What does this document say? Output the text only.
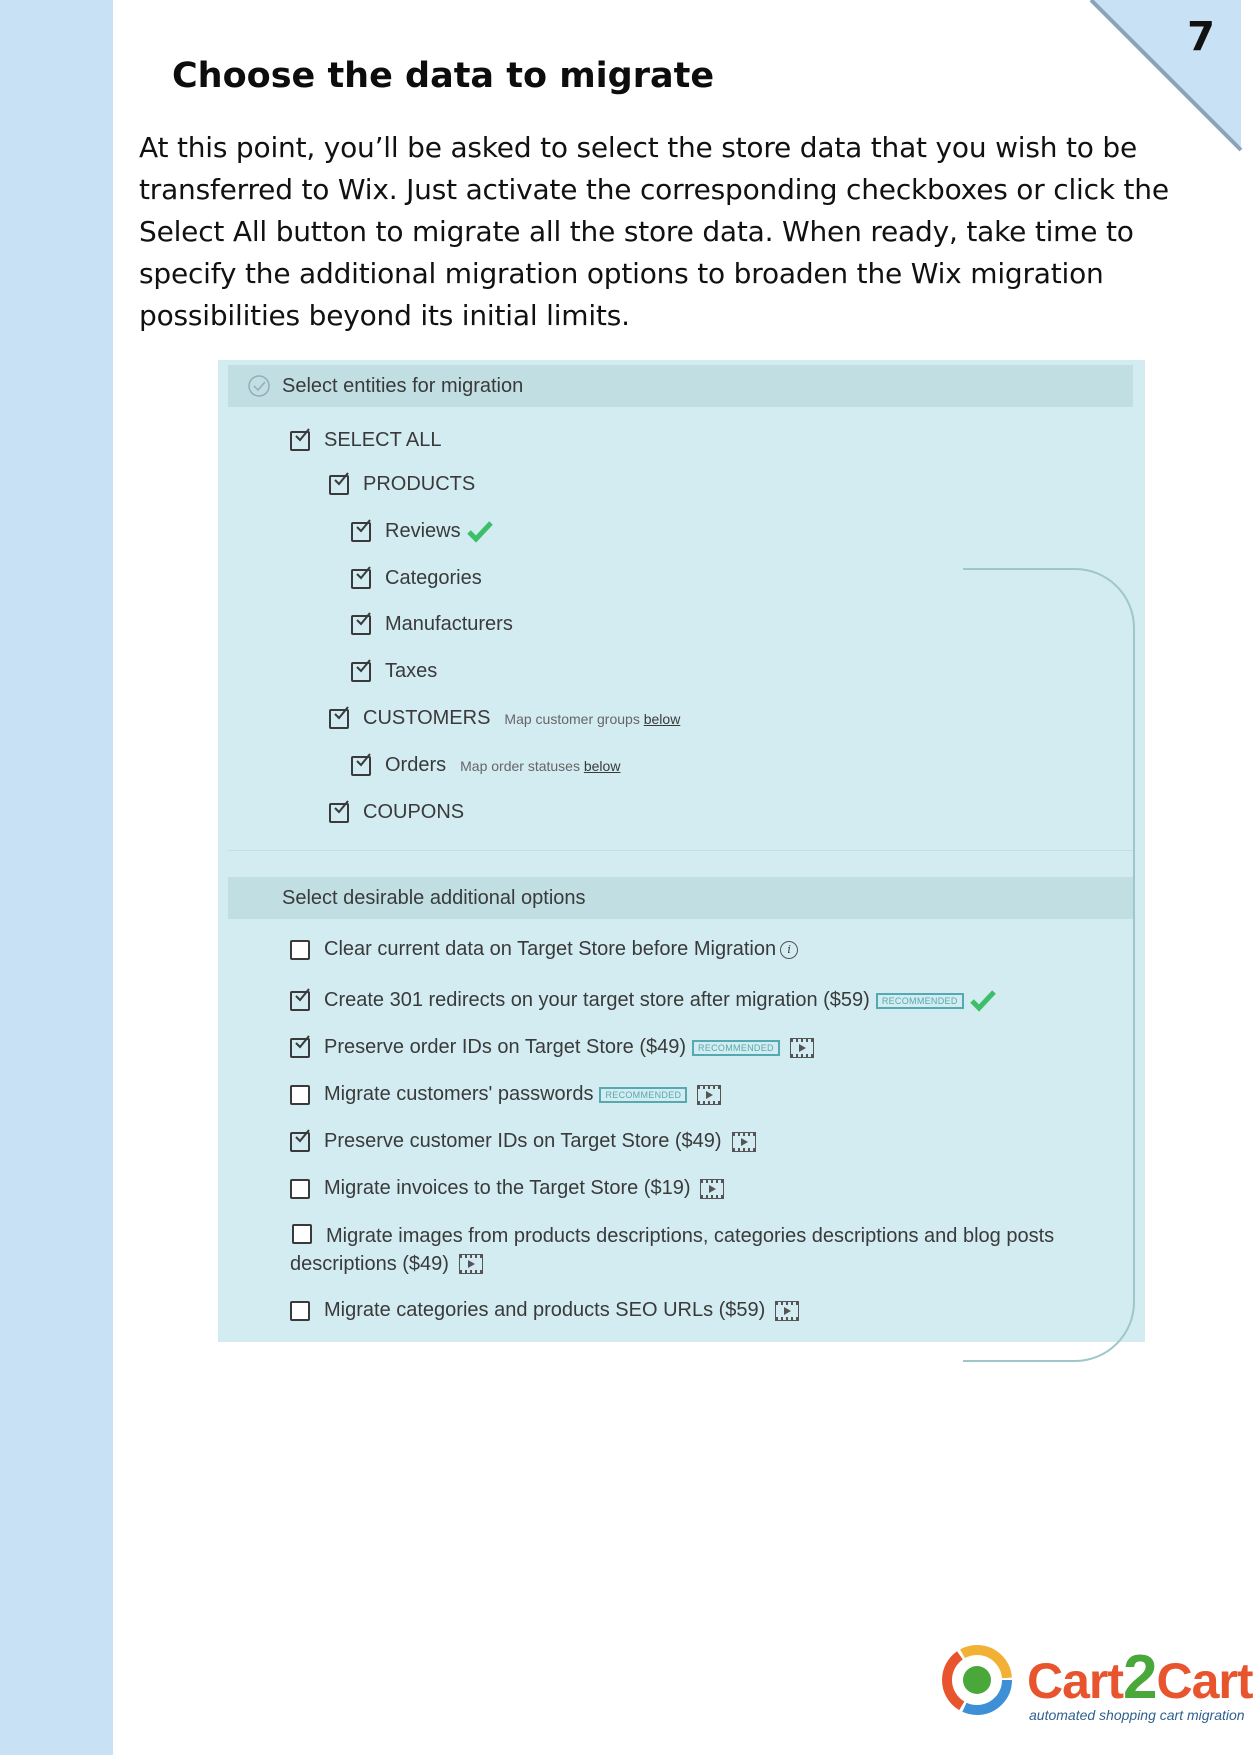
7
Choose the data to migrate

At this point, you’ll be asked to select the store data that you wish to be transferred to Wix. Just activate the corresponding checkboxes or click the Select All button to migrate all the store data. When ready, take time to specify the additional migration options to broaden the Wix migration possibilities beyond its initial limits.

Select entities for migration
SELECT ALL
PRODUCTS
Reviews
Categories
Manufacturers
Taxes
CUSTOMERS Map customer groups below
Orders Map order statuses below
COUPONS
Select desirable additional options
Clear current data on Target Store before Migration	i
Create 301 redirects on your target store after migration ($59)	RECOMMENDED
Preserve order IDs on Target Store ($49)	RECOMMENDED
Migrate customers' passwords	RECOMMENDED
Preserve customer IDs on Target Store ($49)
Migrate invoices to the Target Store ($19)
Migrate images from products descriptions, categories descriptions and blog posts descriptions ($49)
Migrate categories and products SEO URLs ($59)
Cart2Cart
automated shopping cart migration
